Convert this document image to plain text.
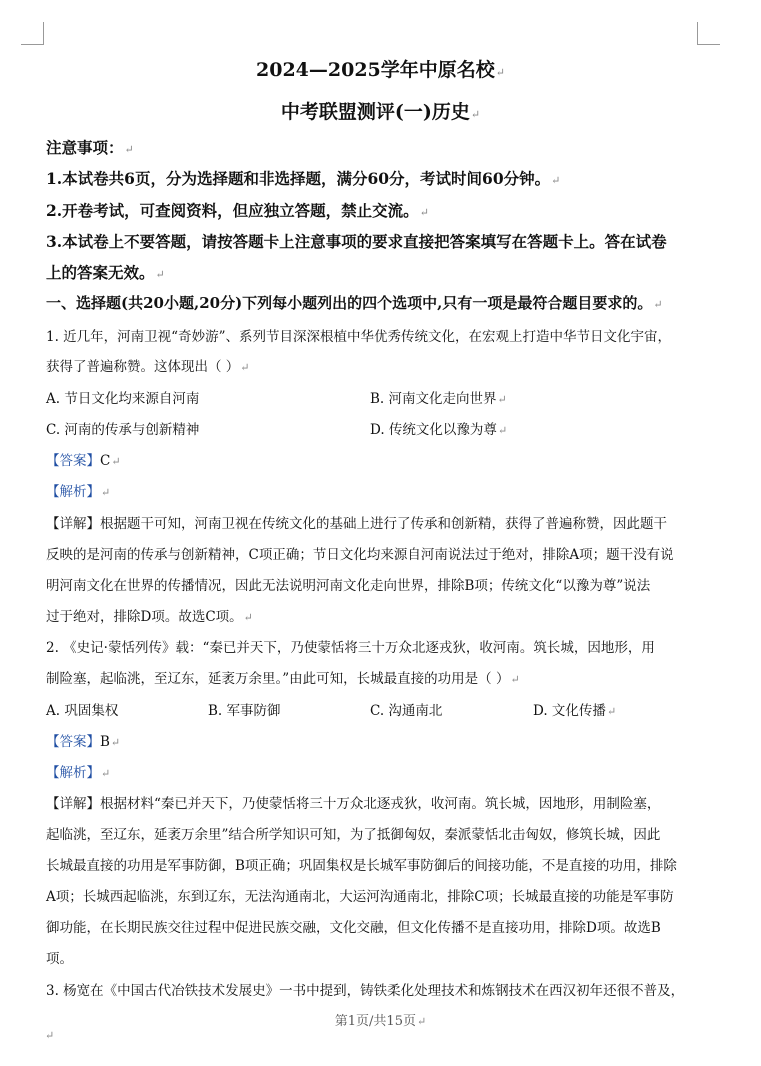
2024—2025学年中原名校↵
中考联盟测评(一)历史↵
注意事项：↵
1.本试卷共6页，分为选择题和非选择题，满分60分，考试时间60分钟。↵
2.开卷考试，可查阅资料，但应独立答题，禁止交流。↵
3.本试卷上不要答题，请按答题卡上注意事项的要求直接把答案填写在答题卡上。答在试卷
上的答案无效。↵
一、选择题(共20小题,20分)下列每小题列出的四个选项中,只有一项是最符合题目要求的。↵
1. 近几年，河南卫视“奇妙游”、系列节目深深根植中华优秀传统文化，在宏观上打造中华节日文化宇宙，
获得了普遍称赞。这体现出（ ）↵
A. 节日文化均来源自河南	B. 河南文化走向世界↵
C. 河南的传承与创新精神	D. 传统文化以豫为尊↵
【答案】C↵
【解析】↵
【详解】根据题干可知，河南卫视在传统文化的基础上进行了传承和创新精，获得了普遍称赞，因此题干
反映的是河南的传承与创新精神，C项正确；节日文化均来源自河南说法过于绝对，排除A项；题干没有说
明河南文化在世界的传播情况，因此无法说明河南文化走向世界，排除B项；传统文化“以豫为尊”说法
过于绝对，排除D项。故选C项。↵
2. 《史记·蒙恬列传》载：“秦已并天下，乃使蒙恬将三十万众北逐戎狄，收河南。筑长城，因地形，用
制险塞，起临洮，至辽东，延袤万余里。”由此可知，长城最直接的功用是（ ）↵
A. 巩固集权	B. 军事防御	C. 沟通南北	D. 文化传播↵
【答案】B↵
【解析】↵
【详解】根据材料“秦已并天下，乃使蒙恬将三十万众北逐戎狄，收河南。筑长城，因地形，用制险塞，
起临洮，至辽东，延袤万余里”结合所学知识可知，为了抵御匈奴，秦派蒙恬北击匈奴，修筑长城，因此
长城最直接的功用是军事防御，B项正确；巩固集权是长城军事防御后的间接功能，不是直接的功用，排除
A项；长城西起临洮，东到辽东，无法沟通南北，大运河沟通南北，排除C项；长城最直接的功能是军事防
御功能，在长期民族交往过程中促进民族交融，文化交融，但文化传播不是直接功用，排除D项。故选B
项。
3. 杨宽在《中国古代冶铁技术发展史》一书中提到，铸铁柔化处理技术和炼钢技术在西汉初年还很不普及，
第1页/共15页↵
↵
